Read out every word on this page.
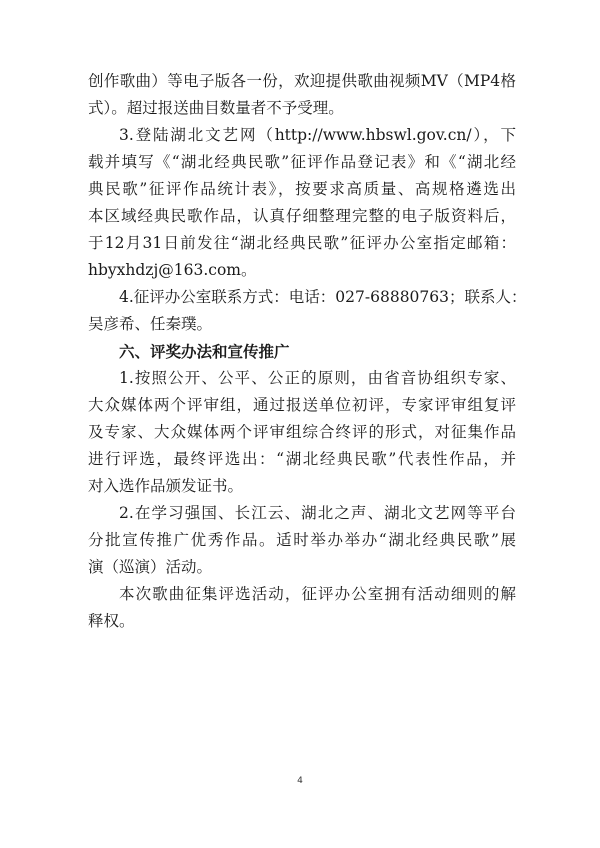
创作歌曲）等电子版各一份，欢迎提供歌曲视频MV（MP4格
式）。超过报送曲目数量者不予受理。
3.登陆湖北文艺网（http://www.hbswl.gov.cn/），下
载并填写《“湖北经典民歌”征评作品登记表》和《“湖北经
典民歌”征评作品统计表》，按要求高质量、高规格遴选出
本区域经典民歌作品，认真仔细整理完整的电子版资料后，
于12月31日前发往“湖北经典民歌”征评办公室指定邮箱：
hbyxhdzj@163.com。
4.征评办公室联系方式：电话：027-68880763；联系人：
吴彦希、任秦璞。
六、评奖办法和宣传推广
1.按照公开、公平、公正的原则，由省音协组织专家、
大众媒体两个评审组，通过报送单位初评，专家评审组复评
及专家、大众媒体两个评审组综合终评的形式，对征集作品
进行评选，最终评选出：“湖北经典民歌”代表性作品，并
对入选作品颁发证书。
2.在学习强国、长江云、湖北之声、湖北文艺网等平台
分批宣传推广优秀作品。适时举办举办“湖北经典民歌”展
演（巡演）活动。
本次歌曲征集评选活动，征评办公室拥有活动细则的解
释权。
4
